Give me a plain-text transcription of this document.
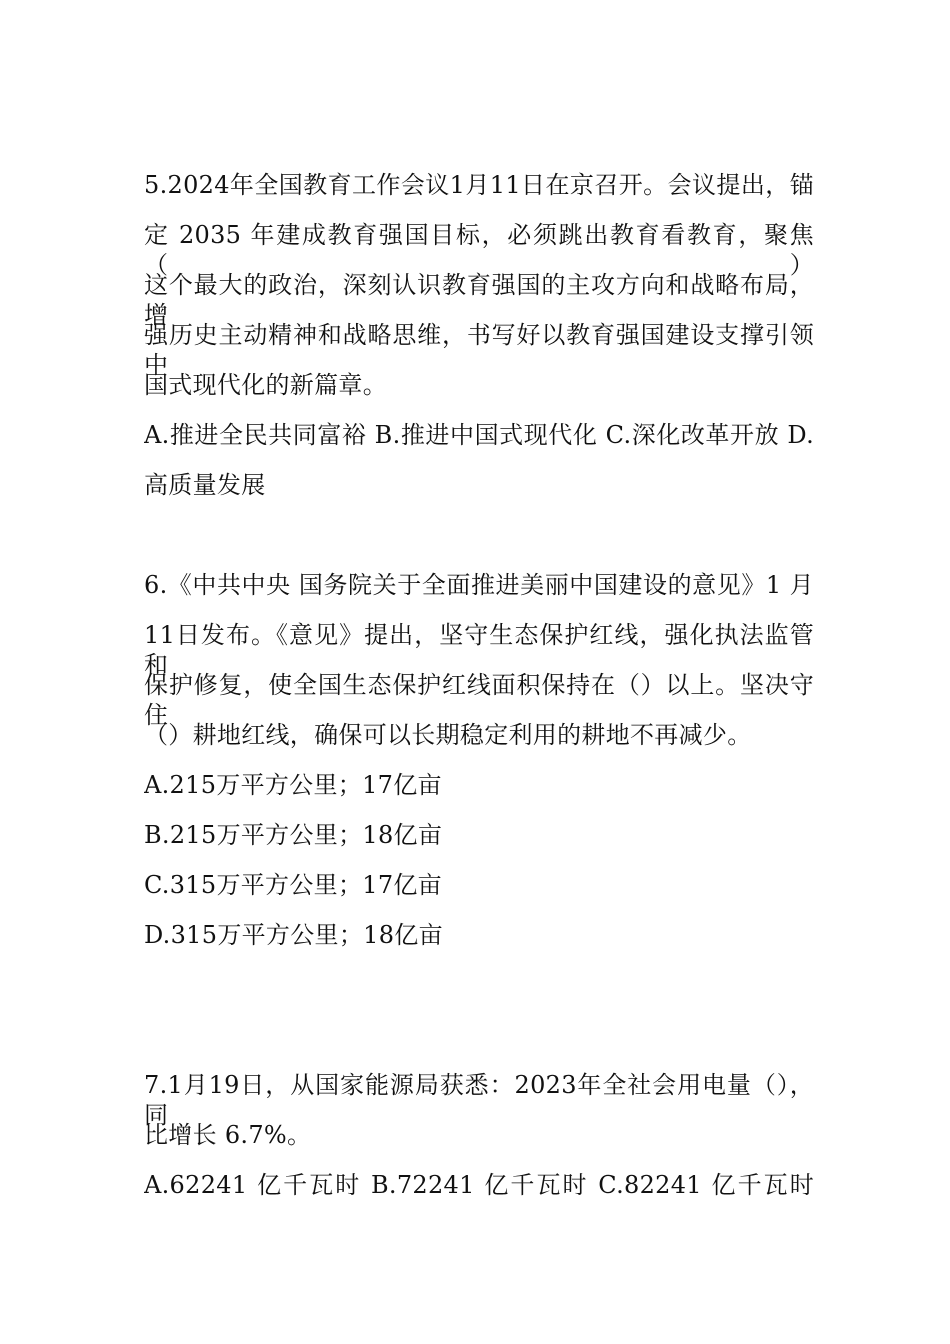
5.2024年全国教育工作会议1月11日在京召开。会议提出，锚
定 2035 年建成教育强国目标，必须跳出教育看教育，聚焦（）
这个最大的政治，深刻认识教育强国的主攻方向和战略布局，增
强历史主动精神和战略思维，书写好以教育强国建设支撑引领中
国式现代化的新篇章。
A.推进全民共同富裕 B.推进中国式现代化 C.深化改革开放 D.
高质量发展
6.《中共中央 国务院关于全面推进美丽中国建设的意见》1 月
11日发布。《意见》提出，坚守生态保护红线，强化执法监管和
保护修复，使全国生态保护红线面积保持在（）以上。坚决守住
（）耕地红线，确保可以长期稳定利用的耕地不再减少。
A.215万平方公里；17亿亩
B.215万平方公里；18亿亩
C.315万平方公里；17亿亩
D.315万平方公里；18亿亩
7.1月19日，从国家能源局获悉：2023年全社会用电量（），同
比增长 6.7%。
A.62241 亿千瓦时 B.72241 亿千瓦时 C.82241 亿千瓦时
